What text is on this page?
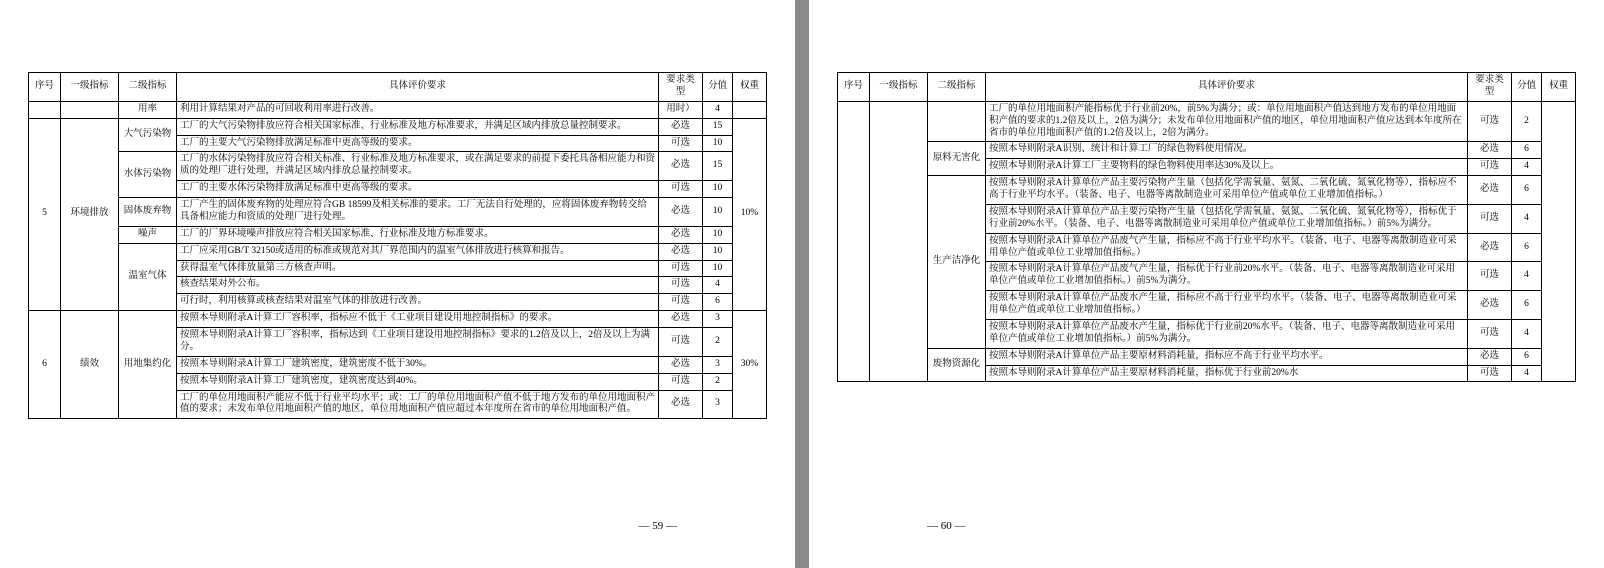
序号	一级指标	二级指标	具体评价要求	要求类型	分值	权重
		用率	利用计算结果对产品的可回收利用率进行改善。	用时）	4	
5	环境排放	大气污染物	工厂的大气污染物排放应符合相关国家标准、行业标准及地方标准要求，并满足区域内排放总量控制要求。	必选	15	10%
			工厂的主要大气污染物排放满足标准中更高等级的要求。	可选	10	
		水体污染物	工厂的水体污染物排放应符合相关标准、行业标准及地方标准要求，或在满足要求的前提下委托具备相应能力和资质的处理厂进行处理，并满足区域内排放总量控制要求。	必选	15	
			工厂的主要水体污染物排放满足标准中更高等级的要求。	可选	10	
		固体废弃物	工厂产生的固体废弃物的处理应符合GB 18599及相关标准的要求。工厂无法自行处理的，应将固体废弃物转交给具备相应能力和资质的处理厂进行处理。	必选	10	
		噪声	工厂的厂界环境噪声排放应符合相关国家标准、行业标准及地方标准要求。	必选	10	
		温室气体	工厂应采用GB/T 32150或适用的标准或规范对其厂界范围内的温室气体排放进行核算和报告。	必选	10	
			获得温室气体排放量第三方核查声明。	可选	10	
			核查结果对外公布。	可选	4	
			可行时，利用核算或核查结果对温室气体的排放进行改善。	可选	6	
6	绩效	用地集约化	按照本导则附录A计算工厂容积率，指标应不低于《工业项目建设用地控制指标》的要求。	必选	3	30%
			按照本导则附录A计算工厂容积率，指标达到《工业项目建设用地控制指标》要求的1.2倍及以上，2倍及以上为满分。	可选	2	
			按照本导则附录A计算工厂建筑密度，建筑密度不低于30%。	必选	3	
			按照本导则附录A计算工厂建筑密度，建筑密度达到40%。	可选	2	
			工厂的单位用地面积产能应不低于行业平均水平；或：工厂的单位用地面积产值不低于地方发布的单位用地面积产值的要求；未发布单位用地面积产值的地区，单位用地面积产值应超过本年度所在省市的单位用地面积产值。	必选	3	
— 59 —
序号	一级指标	二级指标	具体评价要求	要求类型	分值	权重
			工厂的单位用地面积产能指标优于行业前20%，前5%为满分；或：单位用地面积产值达到地方发布的单位用地面积产值的要求的1.2倍及以上，2倍为满分；未发布单位用地面积产值的地区，单位用地面积产值应达到本年度所在省市的单位用地面积产值的1.2倍及以上，2倍为满分。	可选	2	
		原料无害化	按照本导则附录A识别、统计和计算工厂的绿色物料使用情况。	必选	6	
			按照本导则附录A计算工厂主要物料的绿色物料使用率达30%及以上。	可选	4	
		生产洁净化	按照本导则附录A计算单位产品主要污染物产生量（包括化学需氧量、氨氮、二氧化硫、氮氧化物等），指标应不高于行业平均水平。（装备、电子、电器等离散制造业可采用单位产值或单位工业增加值指标。）	必选	6	
			按照本导则附录A计算单位产品主要污染物产生量（包括化学需氧量、氨氮、二氧化硫、氮氧化物等），指标优于行业前20%水平。（装备、电子、电器等离散制造业可采用单位产值或单位工业增加值指标。）前5%为满分。	可选	4	
			按照本导则附录A计算单位产品废气产生量，指标应不高于行业平均水平。（装备、电子、电器等离散制造业可采用单位产值或单位工业增加值指标。）	必选	6	
			按照本导则附录A计算单位产品废气产生量，指标优于行业前20%水平。（装备、电子、电器等离散制造业可采用单位产值或单位工业增加值指标。）前5%为满分。	可选	4	
			按照本导则附录A计算单位产品废水产生量，指标应不高于行业平均水平。（装备、电子、电器等离散制造业可采用单位产值或单位工业增加值指标。）	必选	6	
			按照本导则附录A计算单位产品废水产生量，指标优于行业前20%水平。（装备、电子、电器等离散制造业可采用单位产值或单位工业增加值指标。）前5%为满分。	可选	4	
		废物资源化	按照本导则附录A计算单位产品主要原材料消耗量，指标应不高于行业平均水平。	必选	6	
			按照本导则附录A计算单位产品主要原材料消耗量，指标优于行业前20%水	可选	4	
— 60 —
